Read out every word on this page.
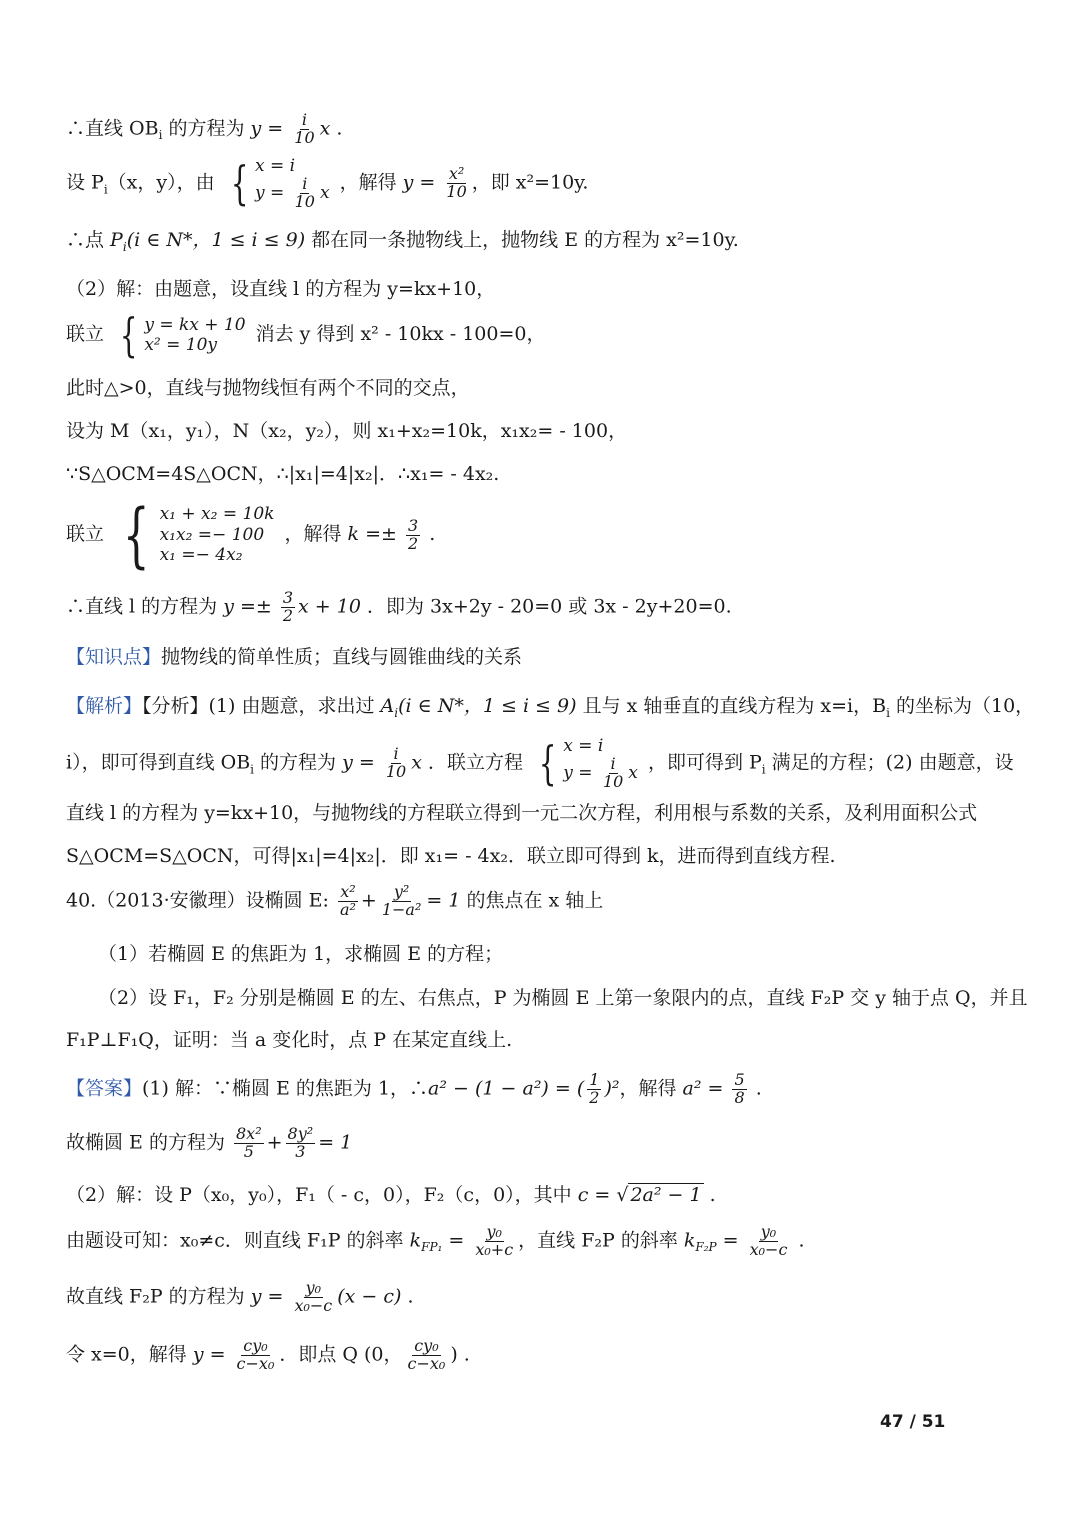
∴直线 $OB_i$ 的方程为 $y = \frac{i}{10}$ x .
设 $P_i(x$，y），由 { x = i
$y = \frac{i}{10}$ x ，解得 $y = \frac{\text{x²}}{10}$ ，即 x²=10y.
∴点 $P_i(i$ ∈ N*，1 ≤ i ≤ 9) 都在同一条抛物线上，抛物线 E 的方程为 x²=10y.
（2）解：由题意，设直线 l 的方程为 y=kx+10，
联立 { y = kx + 10
x² = 10y	消去 y 得到 x² - 10kx - 100=0，
此时△>0，直线与抛物线恒有两个不同的交点，
设为 M（x₁，y₁），N（x₂，y₂），则 x₁+x₂=10k，x₁x₂= - 100，
∵S△OCM=4S△OCN，∴|x₁|=4|x₂|．∴x₁= - 4x₂.
联立 { x₁ + x₂ = 10k
x₁x₂ =− 100
x₁ =− 4x₂
，解得 $k =\pm \frac{3}{2}$ .
∴直线 l 的方程为 $y =\pm \frac{3}{2}$ x + 10 ．即为 3x+2y - 20=0 或 3x - 2y+20=0.
【知识点】抛物线的简单性质；直线与圆锥曲线的关系
【解析】【分析】(1) 由题意，求出过 $A_i(i$ ∈ N*，1 ≤ i ≤ 9) 且与 x 轴垂直的直线方程为 x=i，$B_i$ 的坐标为（10，
i），即可得到直线 $OB_i$ 的方程为 $y = \frac{i}{10}$ x ．联立方程 { x = i
$y = \frac{i}{10}$ x ，即可得到 $P_i$ 满足的方程；(2) 由题意，设
直线 l 的方程为 y=kx+10，与抛物线的方程联立得到一元二次方程，利用根与系数的关系，及利用面积公式
S△OCM=S△OCN，可得|x₁|=4|x₂|．即 x₁= - 4x₂．联立即可得到 k，进而得到直线方程.
40.（2013·安徽理）设椭圆 E: $\frac{\text{x²}}{\text{a²}} + \frac{\text{y²}}{\text{1−a²}} = 1$ 的焦点在 x 轴上
（1）若椭圆 E 的焦距为 1，求椭圆 E 的方程；
（2）设 F₁，F₂ 分别是椭圆 E 的左、右焦点，P 为椭圆 E 上第一象限内的点，直线 F₂P 交 y 轴于点 Q，并且
F₁P⊥F₁Q，证明：当 a 变化时，点 P 在某定直线上.
【答案】(1) 解：∵椭圆 E 的焦距为 1，∴a² − (1 − a²) = ( $\frac{1}{2} )^2$，解得 $a^2 = \frac{5}{8}$ .
故椭圆 E 的方程为 $\frac{\text{8x²}}{5} + \frac{\text{8y²}}{3} = 1$
（2）解：设 P（x₀，y₀），F₁（ - c，0），F₂（c，0），其中 c = √ 2a² − 1 .
由题设可知：x₀≠c．则直线 F₁P 的斜率 $k_{FP_1} = \frac{\text{y₀}}{\text{x₀+c}}$ ，直线 F₂P 的斜率 $k_{F_2P} = \frac{\text{y₀}}{\text{x₀−c}}$ .
故直线 F₂P 的方程为 $y = \frac{\text{y₀}}{\text{x₀−c}} (x - c)$ .
令 x=0，解得 $y = \frac{\text{cy₀}}{\text{c−x₀}}$ ．即点 Q (0， $\frac{\text{cy₀}}{\text{c−x₀}}$ ) .
47 / 51
